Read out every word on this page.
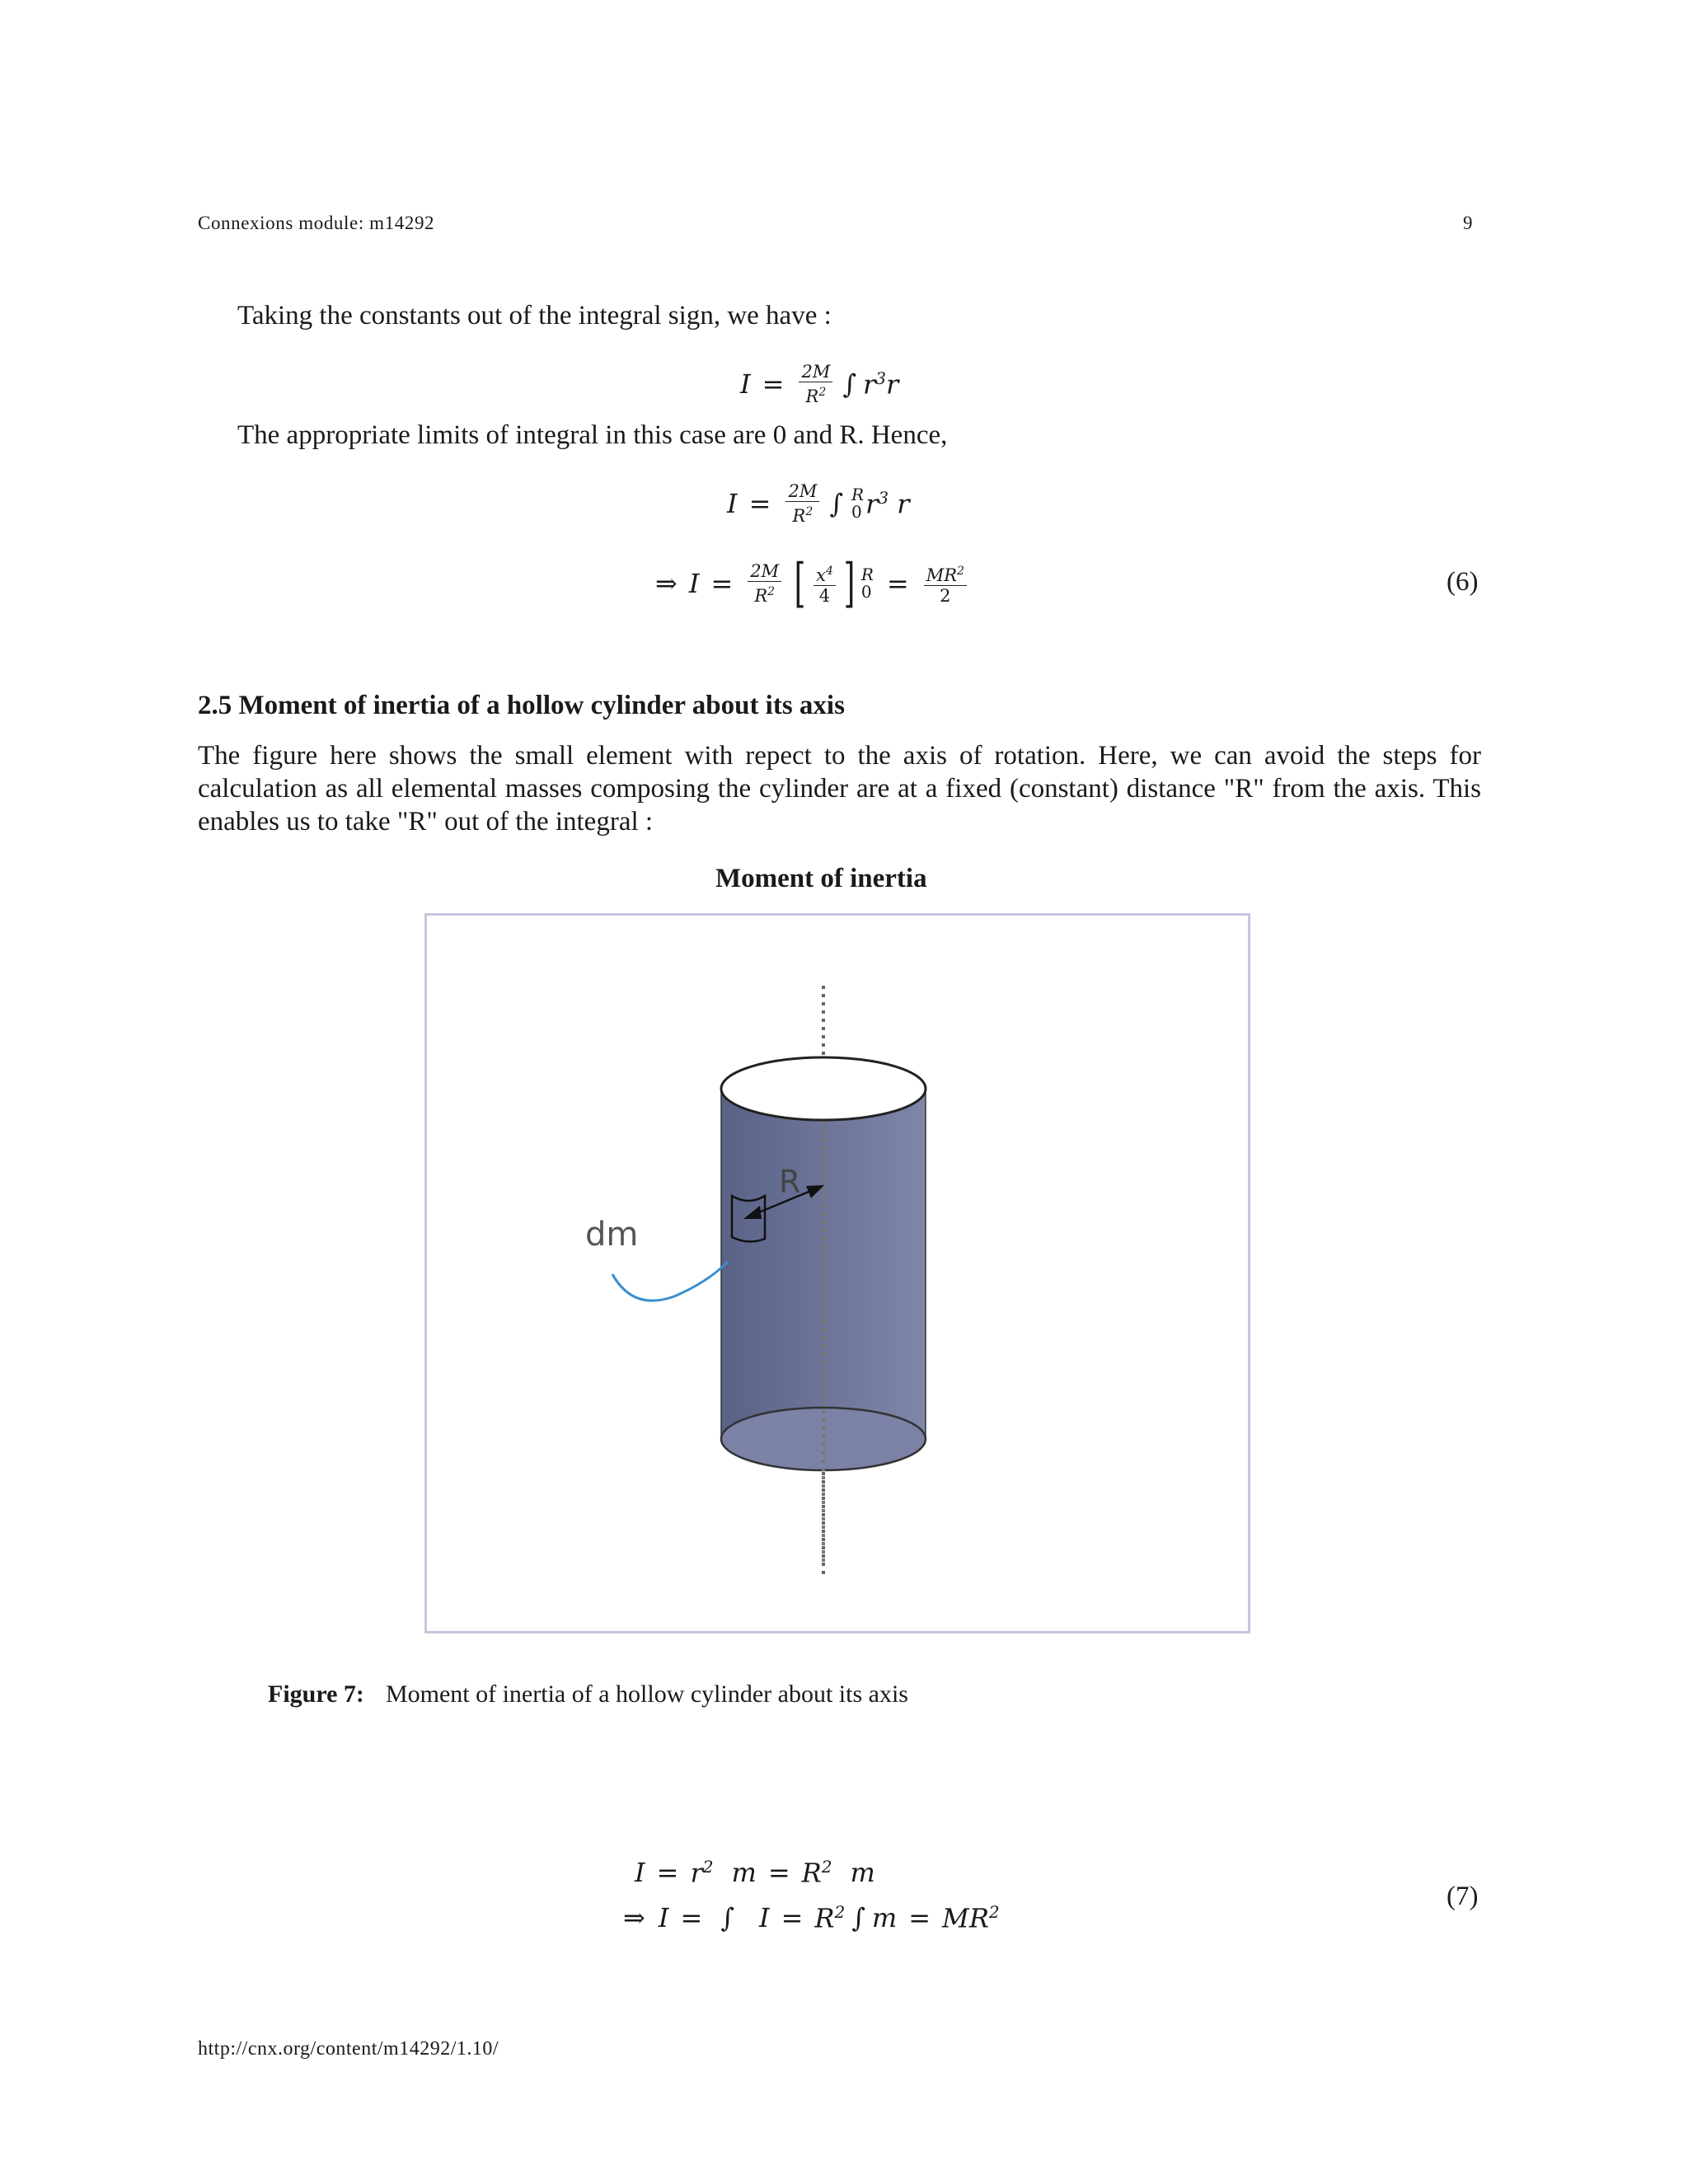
Connexions module: m14292	9
Taking the constants out of the integral sign, we have :
$I = \frac{2M}{R^2}$ ∫ $r^3r$
The appropriate limits of integral in this case are 0 and R. Hence,
$I = \frac{2M}{R^2}$ ∫ R
0 $r^3$ r
⇒ $I = \frac{2M}{R^2}$ [ $\frac{x^4}{4}$ ] R
$0 = \frac{MR^2}{2}$	(6)
2.5 Moment of inertia of a hollow cylinder about its axis
The figure here shows the small element with repect to the axis of rotation. Here, we can avoid the steps for calculation as all elemental masses composing the cylinder are at a fixed (constant) distance "R" from the axis. This enables us to take "R" out of the integral :
Moment of inertia
R
dm
Figure 7: Moment of inertia of a hollow cylinder about its axis
$I = r^2$ $m = R^2$ m
⇒ I = ∫ $I = R^2$ ∫ $m = MR^2$
(7)
http://cnx.org/content/m14292/1.10/
